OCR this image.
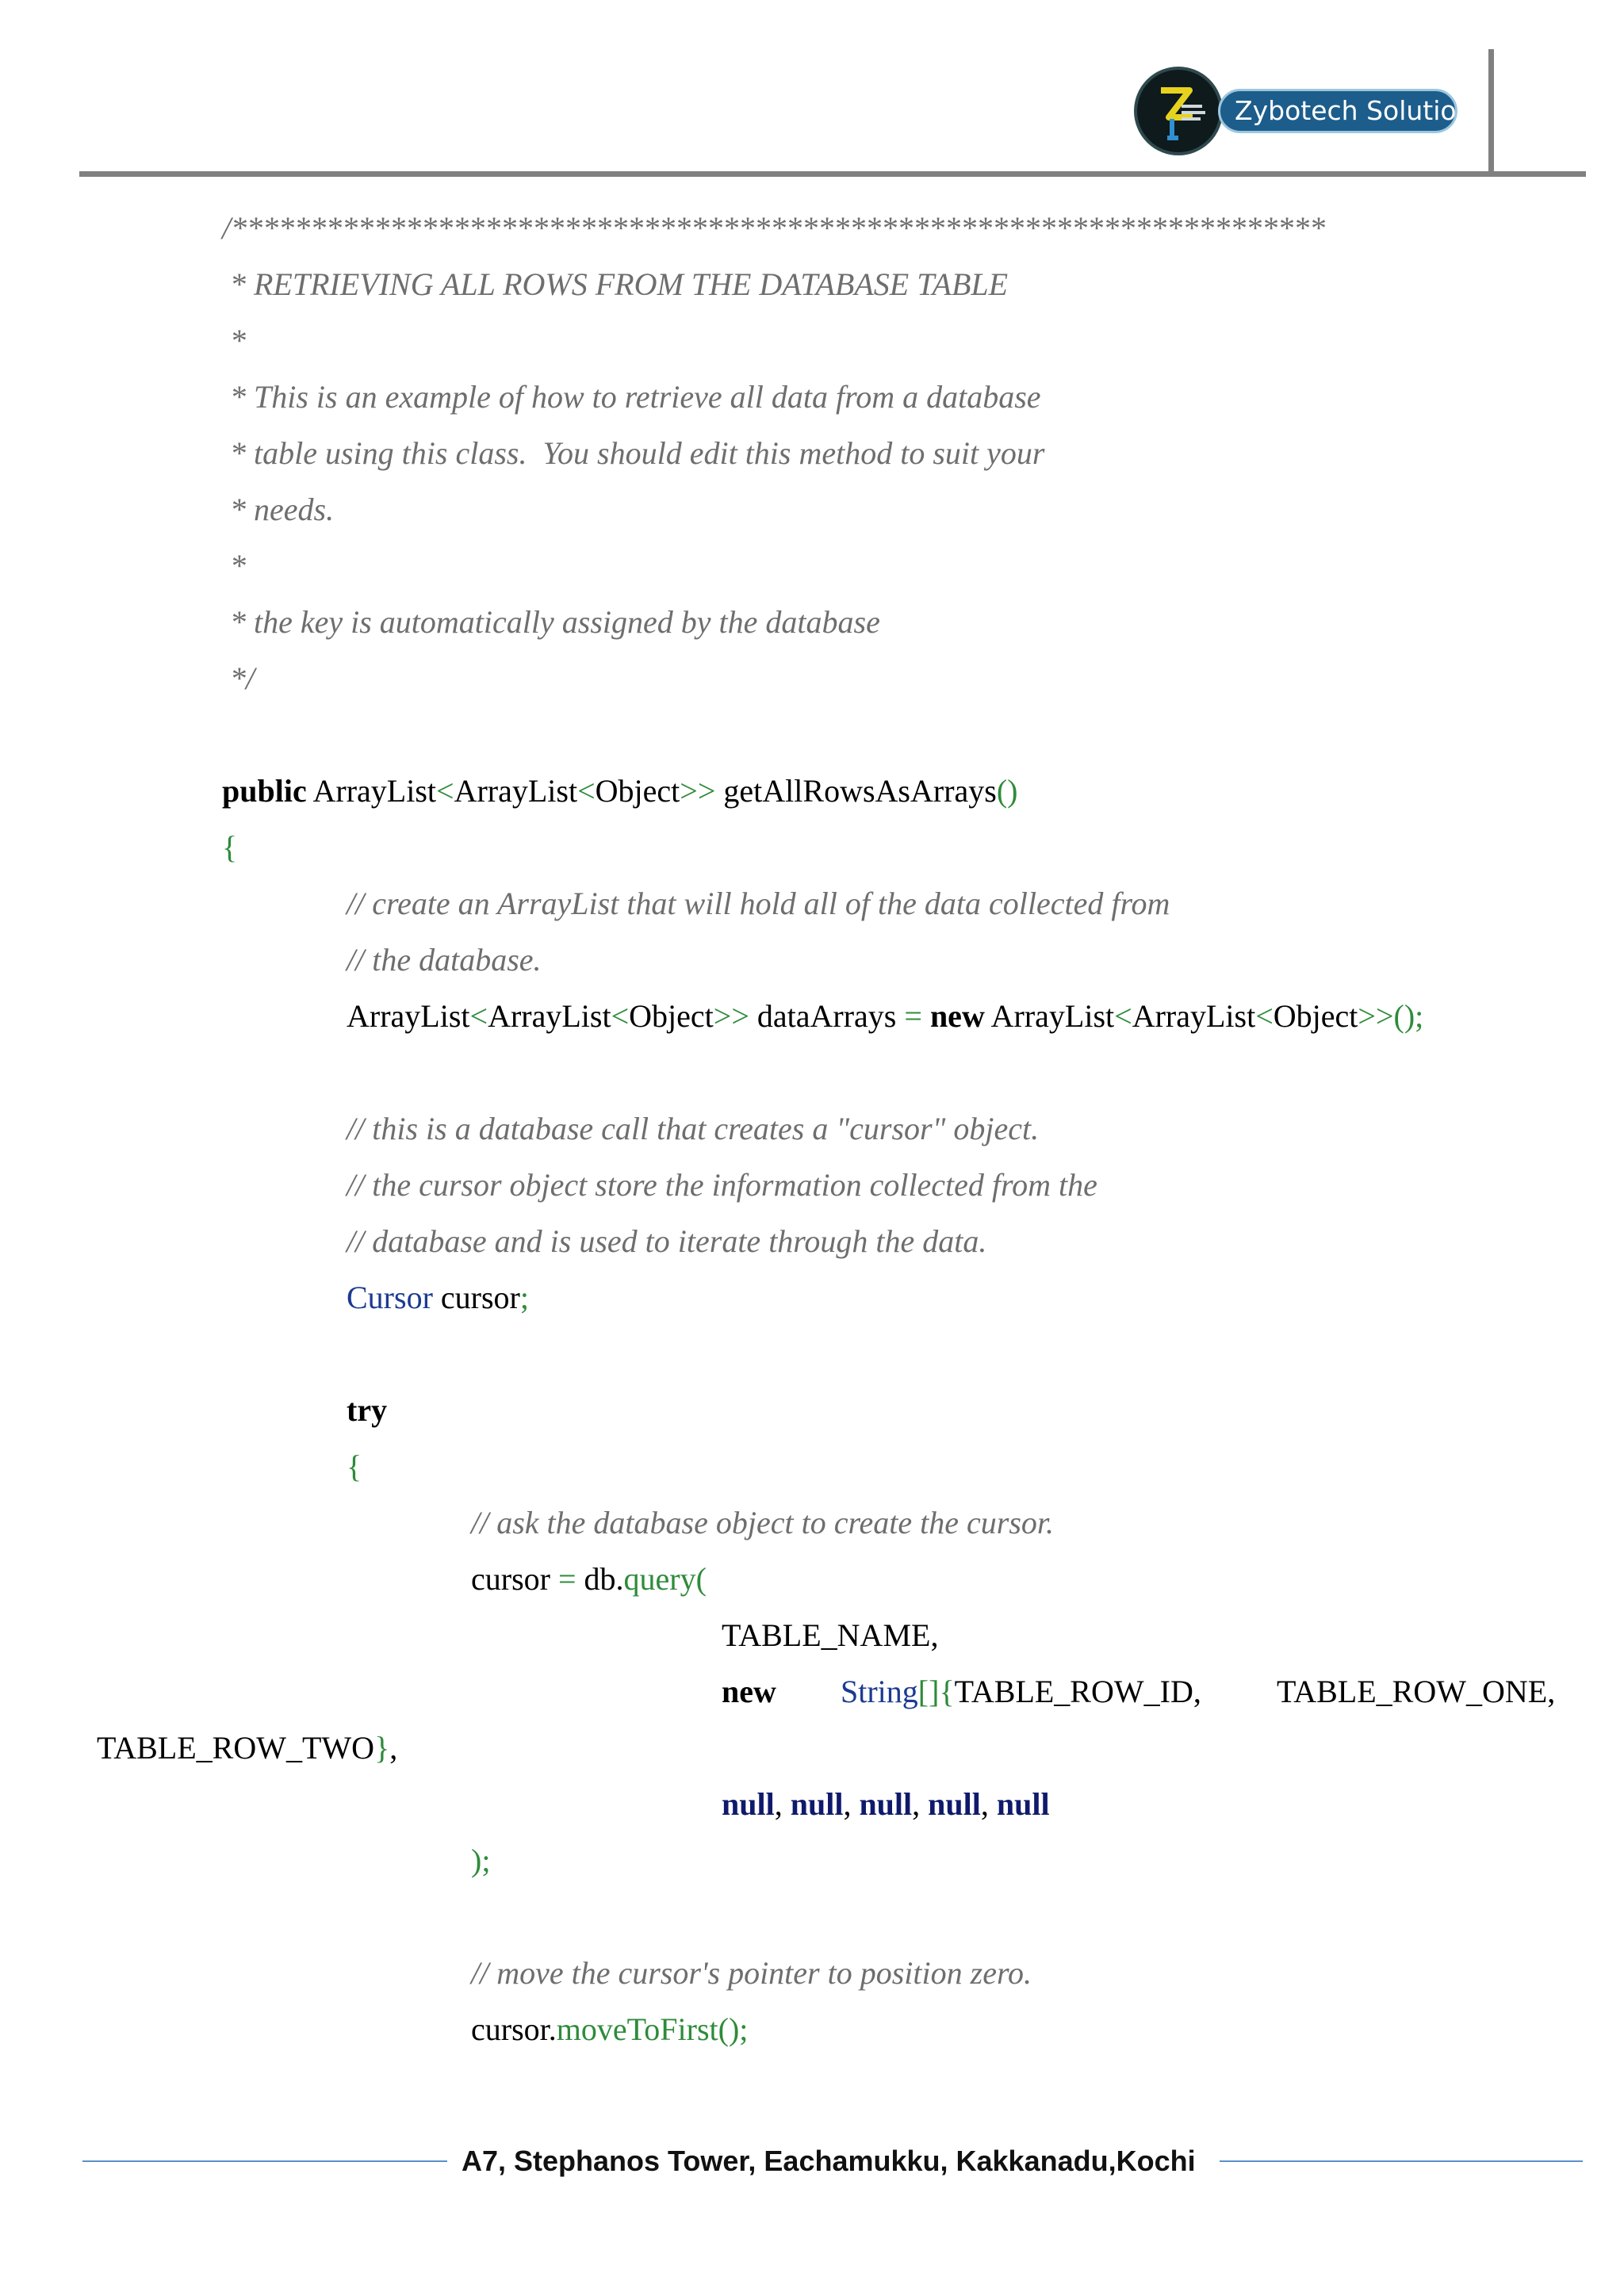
Zybotech Solutions
/*********************************************************************
* RETRIEVING ALL ROWS FROM THE DATABASE TABLE
*
* This is an example of how to retrieve all data from a database
* table using this class.  You should edit this method to suit your
* needs.
*
* the key is automatically assigned by the database
*/
public ArrayList<ArrayList<Object>> getAllRowsAsArrays()
{
// create an ArrayList that will hold all of the data collected from
// the database.
ArrayList<ArrayList<Object>> dataArrays = new ArrayList<ArrayList<Object>>();
// this is a database call that creates a "cursor" object.
// the cursor object store the information collected from the
// database and is used to iterate through the data.
Cursor cursor;
try
{
// ask the database object to create the cursor.
cursor = db.query(
TABLE_NAME,
new String[]{TABLE_ROW_ID, TABLE_ROW_ONE,
TABLE_ROW_TWO},
null, null, null, null, null
);
// move the cursor's pointer to position zero.
cursor.moveToFirst();
A7, Stephanos Tower, Eachamukku, Kakkanadu,Kochi
